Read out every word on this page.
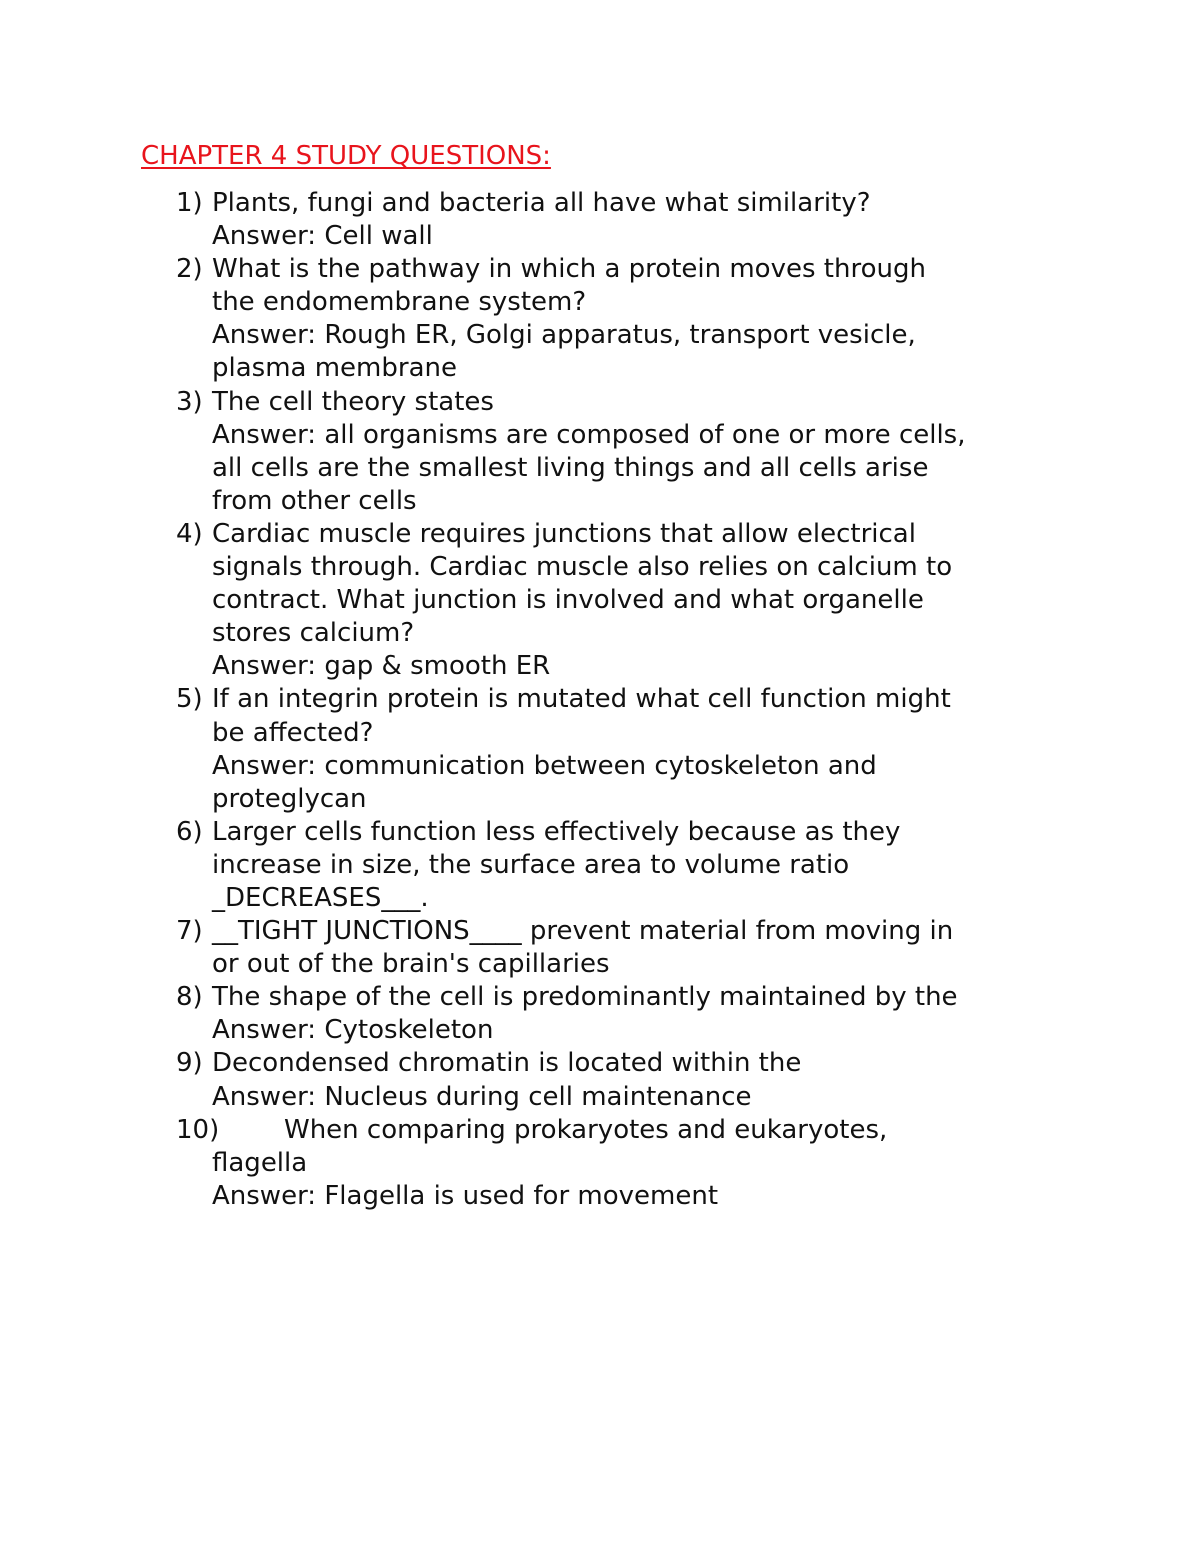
CHAPTER 4 STUDY QUESTIONS:
1) Plants, fungi and bacteria all have what similarity?
Answer: Cell wall
2) What is the pathway in which a protein moves through
the endomembrane system?
Answer: Rough ER, Golgi apparatus, transport vesicle,
plasma membrane
3) The cell theory states
Answer: all organisms are composed of one or more cells,
all cells are the smallest living things and all cells arise
from other cells
4) Cardiac muscle requires junctions that allow electrical
signals through. Cardiac muscle also relies on calcium to
contract. What junction is involved and what organelle
stores calcium?
Answer: gap & smooth ER
5) If an integrin protein is mutated what cell function might
be affected?
Answer: communication between cytoskeleton and
proteglycan
6) Larger cells function less effectively because as they
increase in size, the surface area to volume ratio
_DECREASES___.
7) __TIGHT JUNCTIONS____ prevent material from moving in
or out of the brain's capillaries
8) The shape of the cell is predominantly maintained by the
Answer: Cytoskeleton
9) Decondensed chromatin is located within the
Answer: Nucleus during cell maintenance
10)	When comparing prokaryotes and eukaryotes,
flagella
Answer: Flagella is used for movement
